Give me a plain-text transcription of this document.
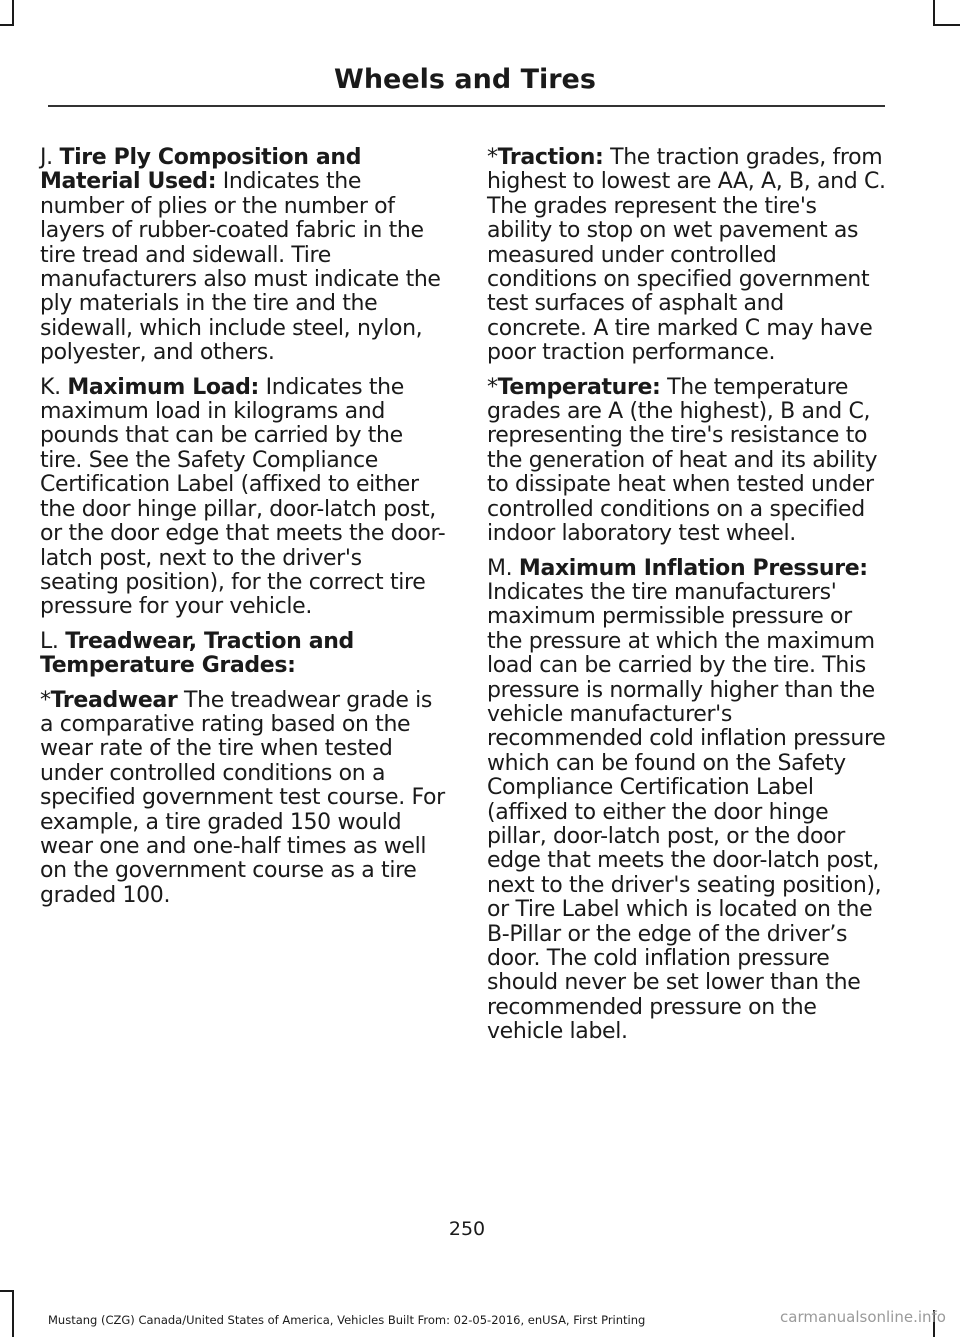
Wheels and Tires

J. Tire Ply Composition and Material Used: Indicates the number of plies or the number of layers of rubber-coated fabric in the tire tread and sidewall. Tire manufacturers also must indicate the ply materials in the tire and the sidewall, which include steel, nylon, polyester, and others.

K. Maximum Load: Indicates the maximum load in kilograms and pounds that can be carried by the tire. See the Safety Compliance Certification Label (affixed to either the door hinge pillar, door-latch post, or the door edge that meets the door-latch post, next to the driver's seating position), for the correct tire pressure for your vehicle.

L. Treadwear, Traction and Temperature Grades:

*Treadwear The treadwear grade is a comparative rating based on the wear rate of the tire when tested under controlled conditions on a specified government test course. For example, a tire graded 150 would wear one and one-half times as well on the government course as a tire graded 100.

*Traction: The traction grades, from highest to lowest are AA, A, B, and C. The grades represent the tire's ability to stop on wet pavement as measured under controlled conditions on specified government test surfaces of asphalt and concrete. A tire marked C may have poor traction performance.

*Temperature: The temperature grades are A (the highest), B and C, representing the tire's resistance to the generation of heat and its ability to dissipate heat when tested under controlled conditions on a specified indoor laboratory test wheel.

M. Maximum Inflation Pressure: Indicates the tire manufacturers' maximum permissible pressure or the pressure at which the maximum load can be carried by the tire. This pressure is normally higher than the vehicle manufacturer's recommended cold inflation pressure which can be found on the Safety Compliance Certification Label (affixed to either the door hinge pillar, door-latch post, or the door edge that meets the door-latch post, next to the driver's seating position), or Tire Label which is located on the B-Pillar or the edge of the driver’s door. The cold inflation pressure should never be set lower than the recommended pressure on the vehicle label.

250
Mustang (CZG) Canada/United States of America, Vehicles Built From: 02-05-2016, enUSA, First Printing	carmanualsonline.info
